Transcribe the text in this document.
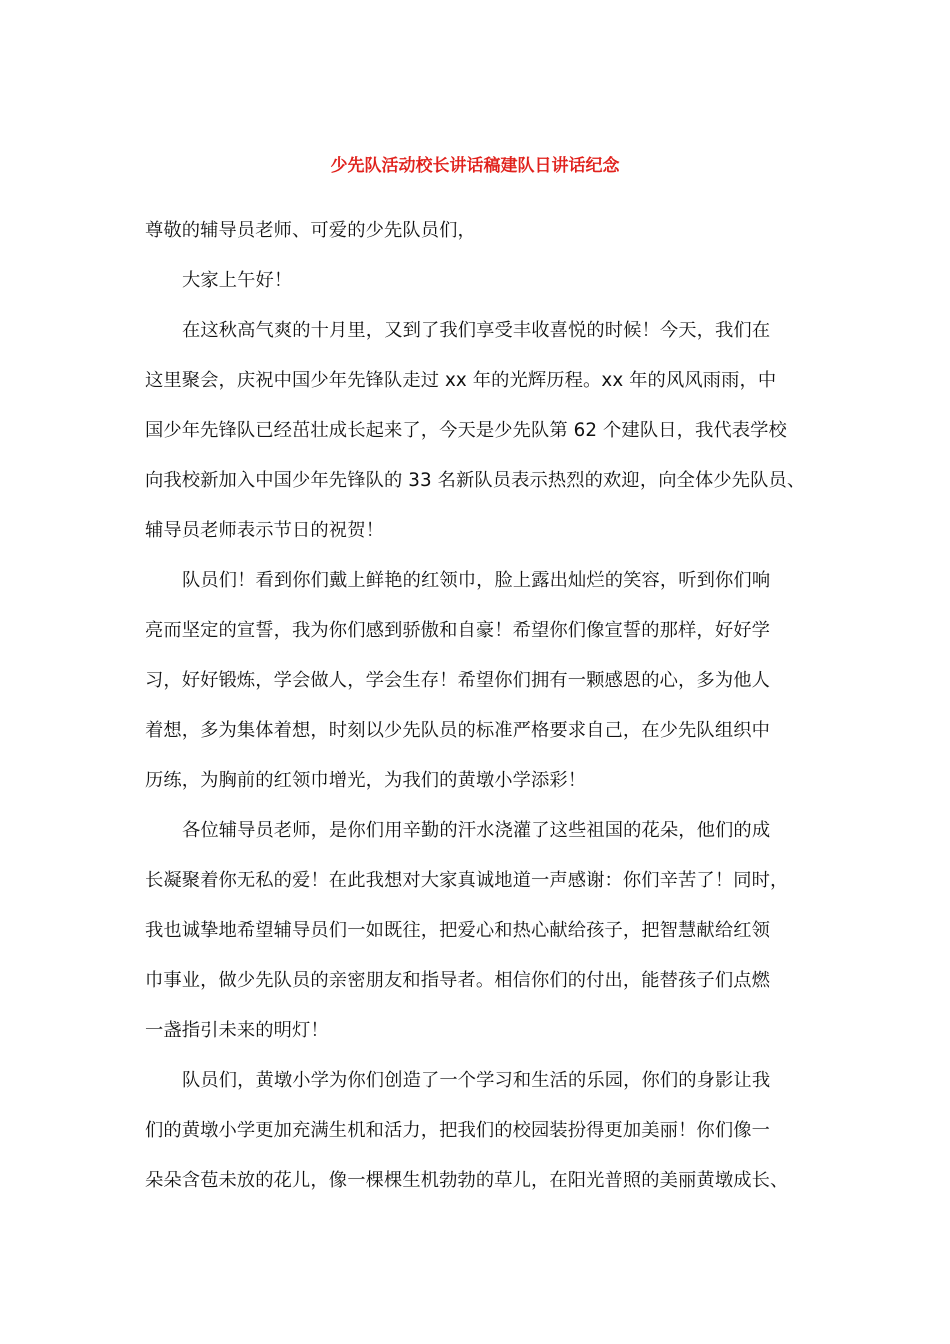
少先队活动校长讲话稿建队日讲话纪念
尊敬的辅导员老师、可爱的少先队员们，
大家上午好！
在这秋高气爽的十月里，又到了我们享受丰收喜悦的时候！今天，我们在
这里聚会，庆祝中国少年先锋队走过 xx 年的光辉历程。xx 年的风风雨雨，中
国少年先锋队已经茁壮成长起来了，今天是少先队第 62 个建队日，我代表学校
向我校新加入中国少年先锋队的 33 名新队员表示热烈的欢迎，向全体少先队员、
辅导员老师表示节日的祝贺！
队员们！看到你们戴上鲜艳的红领巾，脸上露出灿烂的笑容，听到你们响
亮而坚定的宣誓，我为你们感到骄傲和自豪！希望你们像宣誓的那样，好好学
习，好好锻炼，学会做人，学会生存！希望你们拥有一颗感恩的心，多为他人
着想，多为集体着想，时刻以少先队员的标准严格要求自己，在少先队组织中
历练，为胸前的红领巾增光，为我们的黄墩小学添彩！
各位辅导员老师，是你们用辛勤的汗水浇灌了这些祖国的花朵，他们的成
长凝聚着你无私的爱！在此我想对大家真诚地道一声感谢：你们辛苦了！同时，
我也诚挚地希望辅导员们一如既往，把爱心和热心献给孩子，把智慧献给红领
巾事业，做少先队员的亲密朋友和指导者。相信你们的付出，能替孩子们点燃
一盏指引未来的明灯！
队员们，黄墩小学为你们创造了一个学习和生活的乐园，你们的身影让我
们的黄墩小学更加充满生机和活力，把我们的校园装扮得更加美丽！你们像一
朵朵含苞未放的花儿，像一棵棵生机勃勃的草儿，在阳光普照的美丽黄墩成长、
